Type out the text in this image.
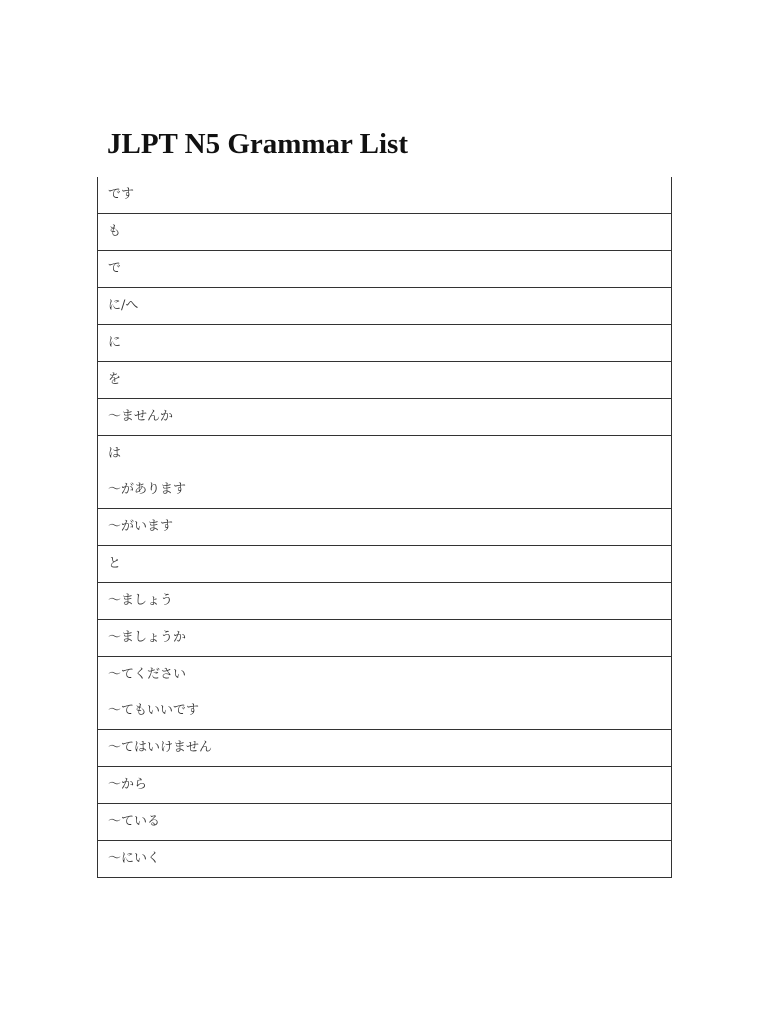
JLPT N5 Grammar List
です

も

で

に/へ

に

を

～ませんか

は
～があります

～がいます

と

～ましょう

～ましょうか

～てください
～てもいいです

～てはいけません

～から

～ている

～にいく
